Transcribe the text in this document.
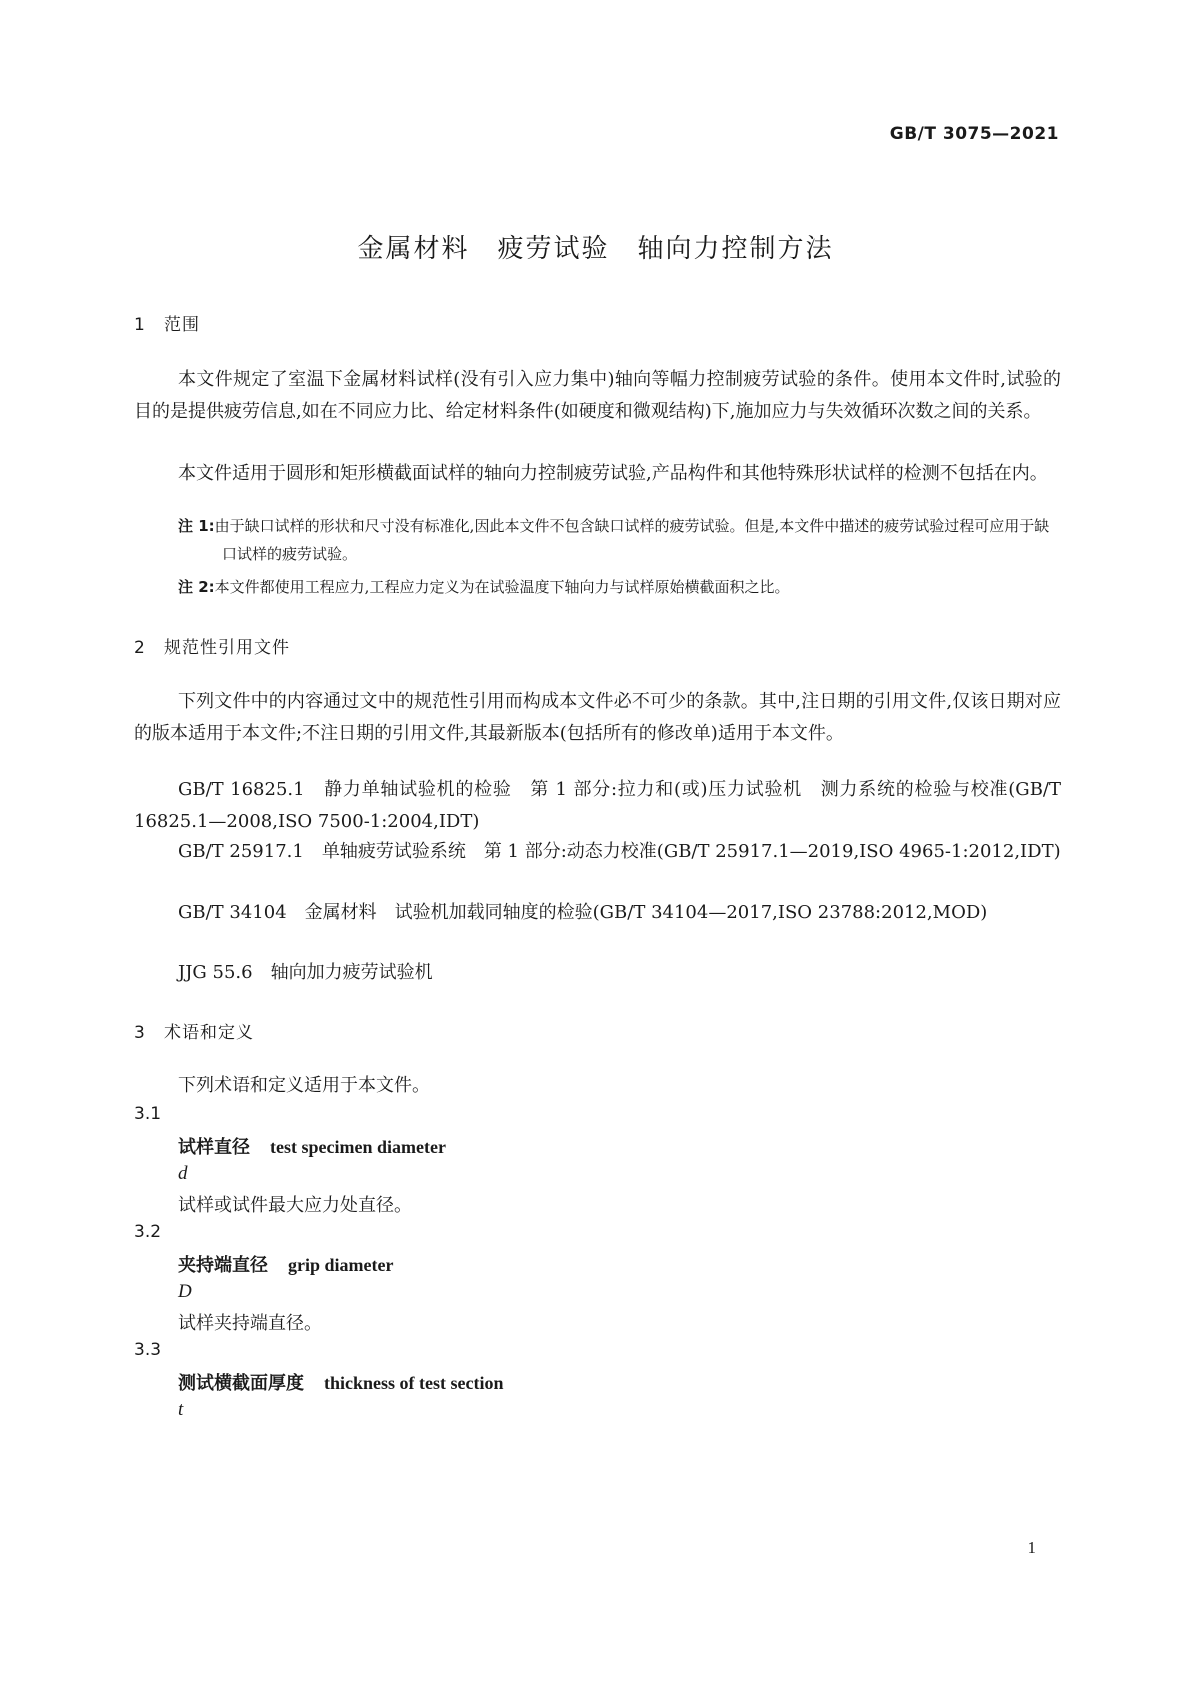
GB/T 3075—2021
金属材料　疲劳试验　轴向力控制方法
1 范围
本文件规定了室温下金属材料试样(没有引入应力集中)轴向等幅力控制疲劳试验的条件。使用本文件时,试验的目的是提供疲劳信息,如在不同应力比、给定材料条件(如硬度和微观结构)下,施加应力与失效循环次数之间的关系。
本文件适用于圆形和矩形横截面试样的轴向力控制疲劳试验,产品构件和其他特殊形状试样的检测不包括在内。
注 1:由于缺口试样的形状和尺寸没有标准化,因此本文件不包含缺口试样的疲劳试验。但是,本文件中描述的疲劳试验过程可应用于缺口试样的疲劳试验。
注 2:本文件都使用工程应力,工程应力定义为在试验温度下轴向力与试样原始横截面积之比。
2 规范性引用文件
下列文件中的内容通过文中的规范性引用而构成本文件必不可少的条款。其中,注日期的引用文件,仅该日期对应的版本适用于本文件;不注日期的引用文件,其最新版本(包括所有的修改单)适用于本文件。
GB/T 16825.1　静力单轴试验机的检验　第 1 部分:拉力和(或)压力试验机　测力系统的检验与校准(GB/T 16825.1—2008,ISO 7500-1:2004,IDT)
GB/T 25917.1　单轴疲劳试验系统　第 1 部分:动态力校准(GB/T 25917.1—2019,ISO 4965-1:2012,IDT)
GB/T 34104　金属材料　试验机加载同轴度的检验(GB/T 34104—2017,ISO 23788:2012,MOD)
JJG 55.6　轴向加力疲劳试验机
3 术语和定义
下列术语和定义适用于本文件。
3.1
试样直径 test specimen diameter
d
试样或试件最大应力处直径。
3.2
夹持端直径 grip diameter
D
试样夹持端直径。
3.3
测试横截面厚度 thickness of test section
t
1
